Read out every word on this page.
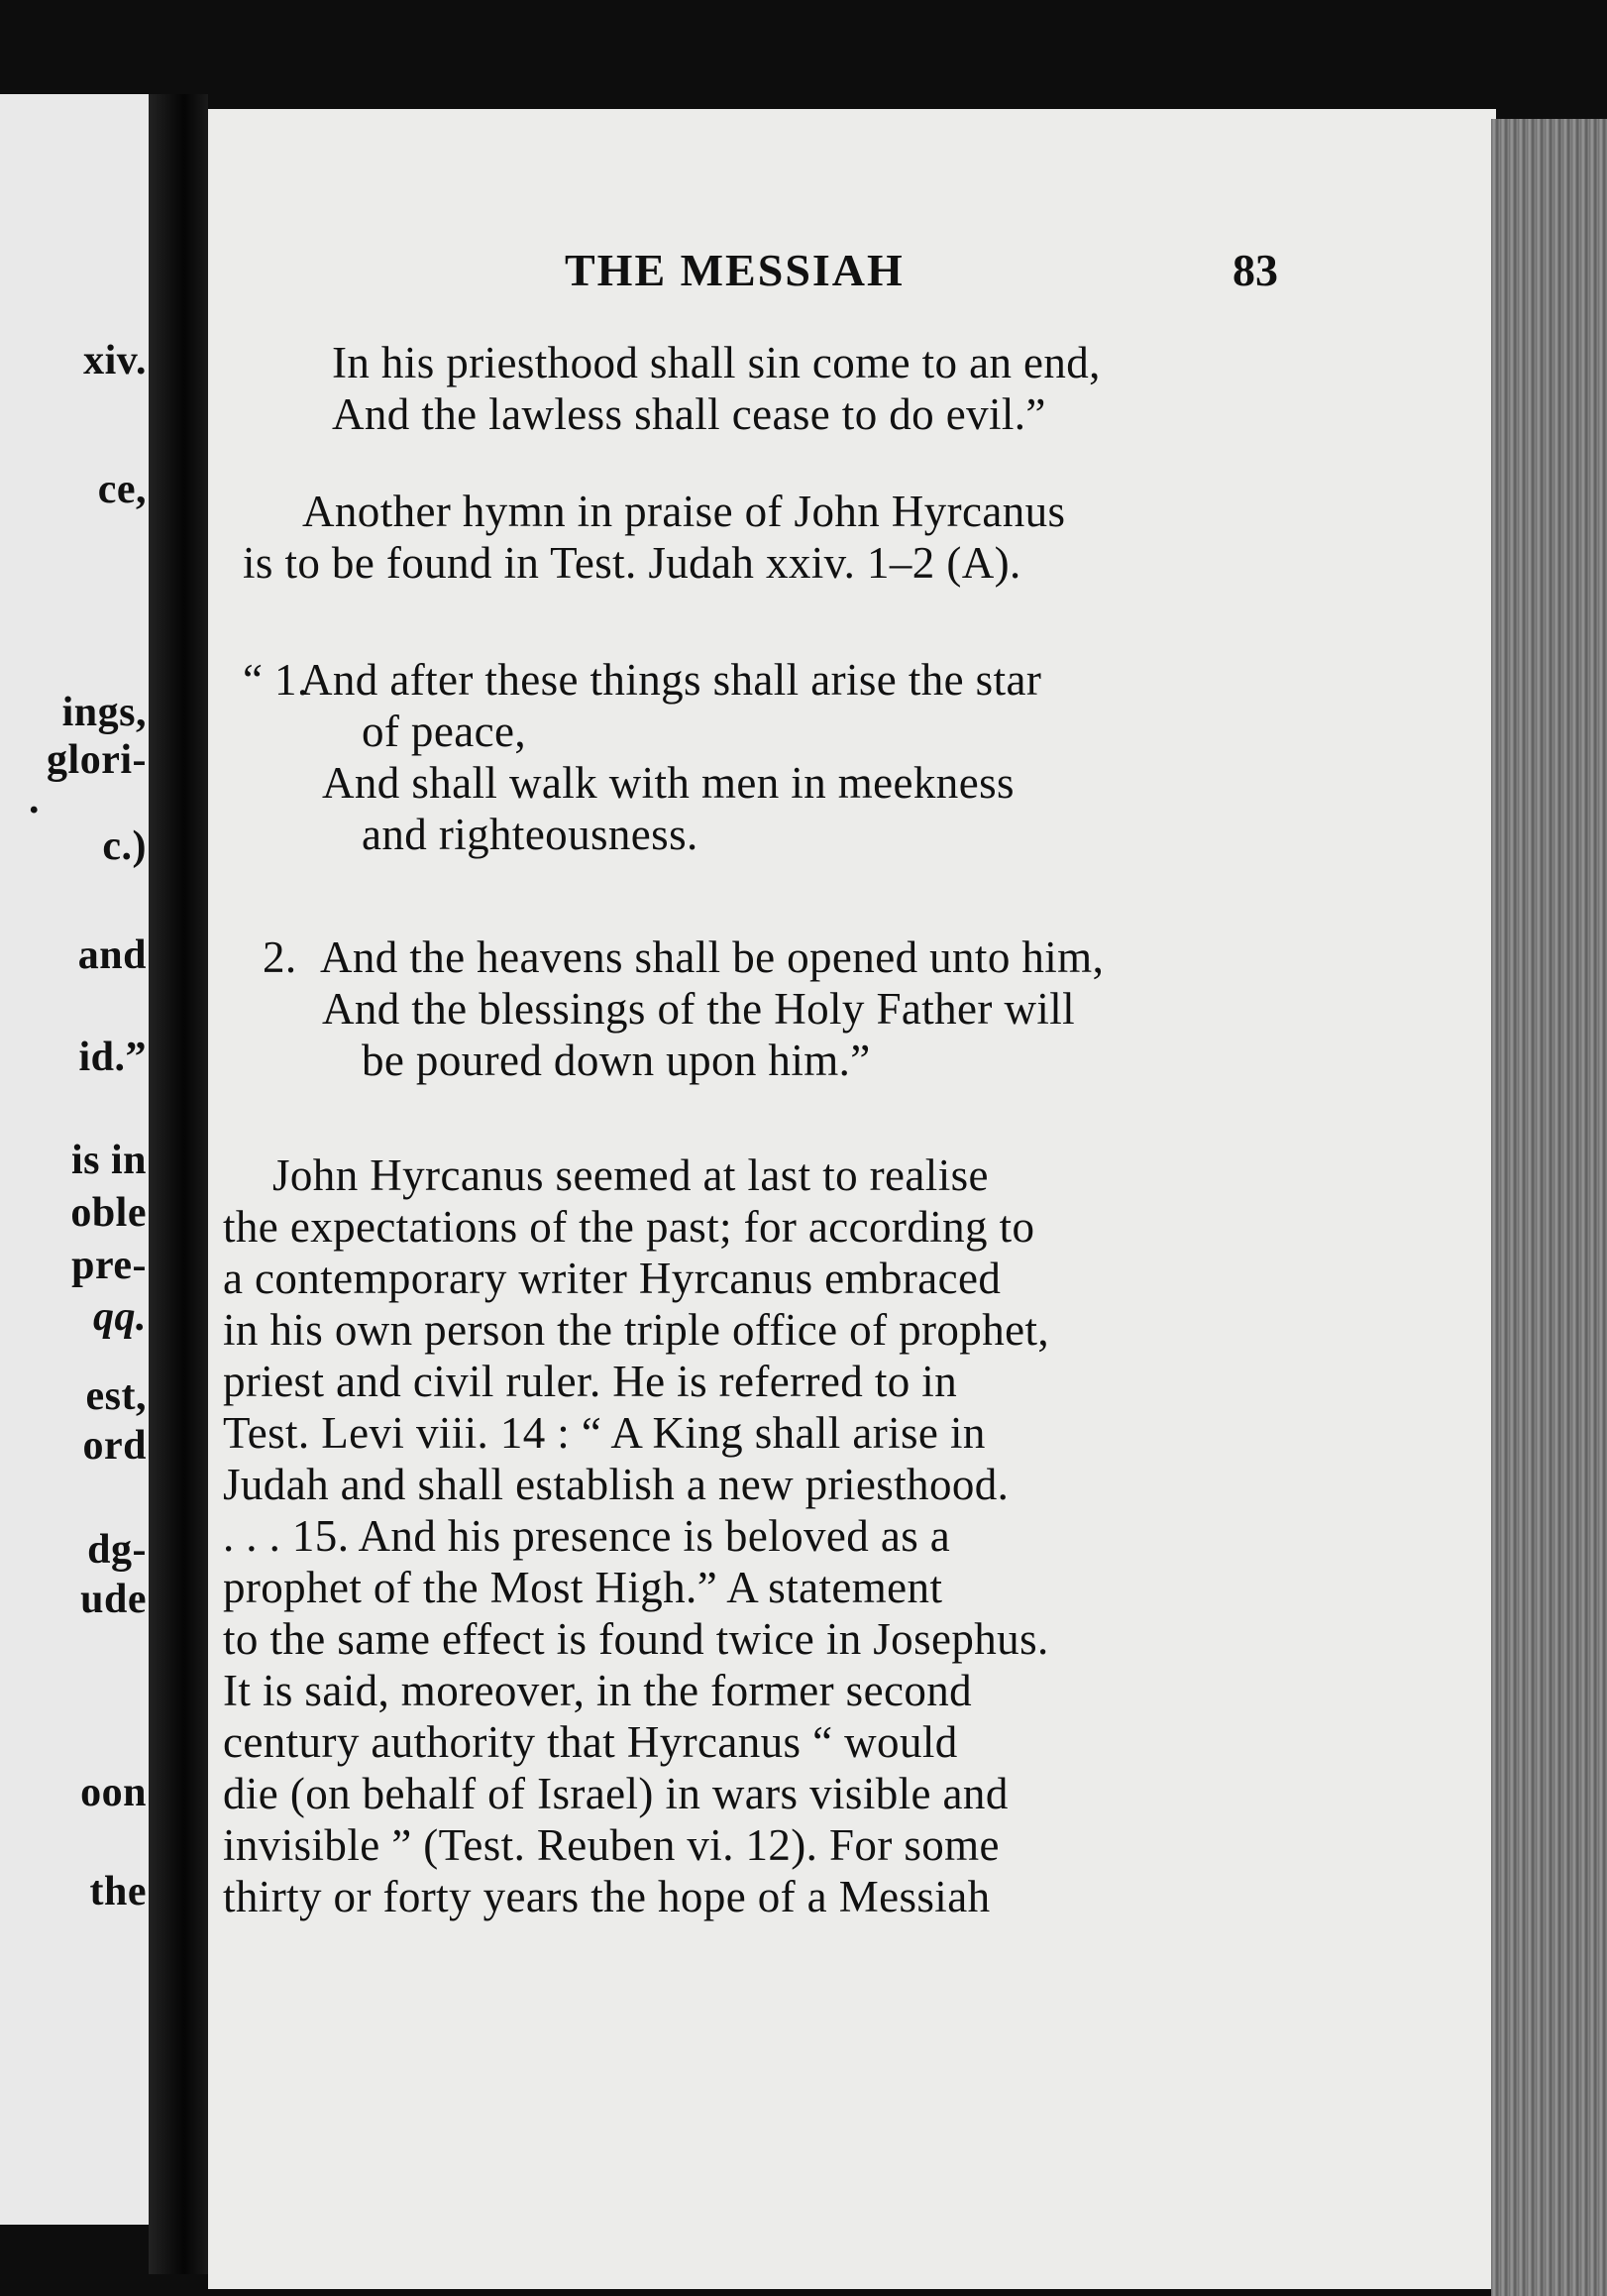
xiv.
ce,
ings,
glori-
.
c.)
and
id.”
is in
oble
pre-
qq.
est,
ord
dg-
ude
oon
the
THE MESSIAH	83
In his priesthood shall sin come to an end,
And the lawless shall cease to do evil.”
Another hymn in praise of John Hyrcanus
is to be found in Test. Judah xxiv. 1–2 (A).
“ 1.And after these things shall arise the star
of peace,
And shall walk with men in meekness
and righteousness.
2. And the heavens shall be opened unto him,
And the blessings of the Holy Father will
be poured down upon him.”
John Hyrcanus seemed at last to realise
the expectations of the past; for according to
a contemporary writer Hyrcanus embraced
in his own person the triple office of prophet,
priest and civil ruler. He is referred to in
Test. Levi viii. 14 : “ A King shall arise in
Judah and shall establish a new priesthood.
. . . 15. And his presence is beloved as a
prophet of the Most High.” A statement
to the same effect is found twice in Josephus.
It is said, moreover, in the former second
century authority that Hyrcanus “ would
die (on behalf of Israel) in wars visible and
invisible ” (Test. Reuben vi. 12). For some
thirty or forty years the hope of a Messiah
